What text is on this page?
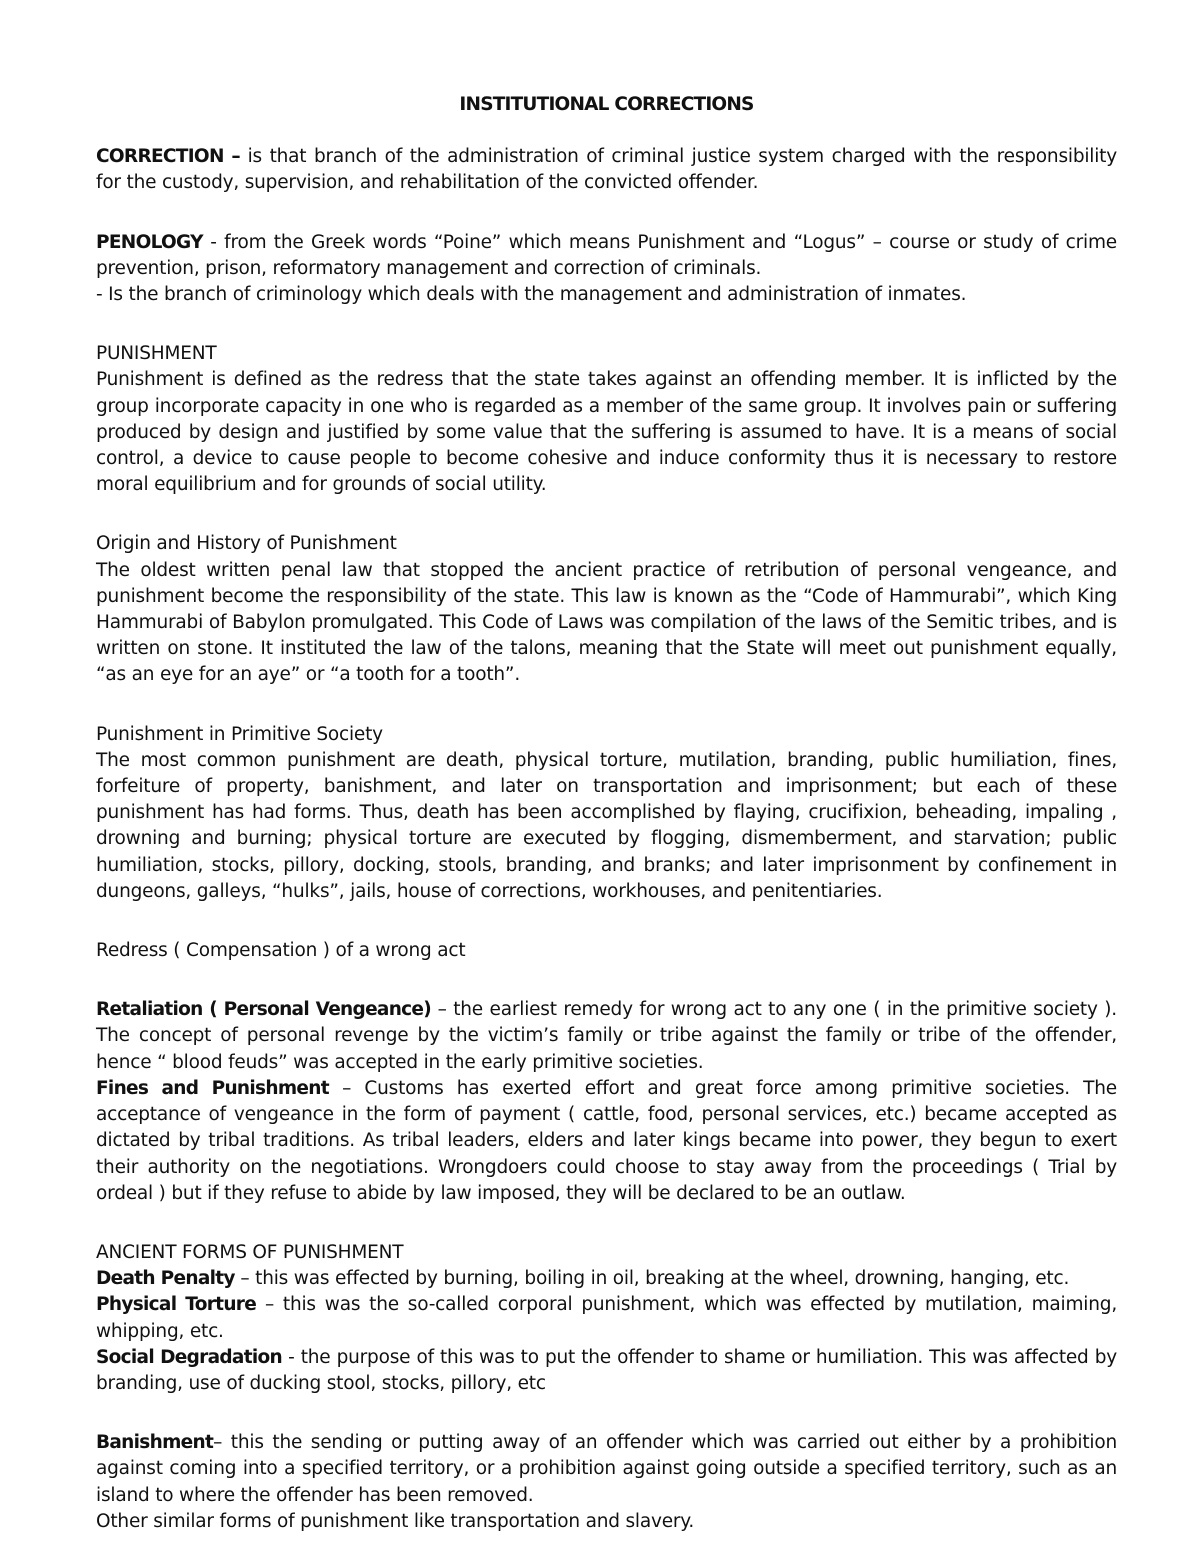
INSTITUTIONAL CORRECTIONS

CORRECTION – is that branch of the administration of criminal justice system charged with the responsibility for the custody, supervision, and rehabilitation of the convicted offender.

PENOLOGY - from the Greek words “Poine” which means Punishment and “Logus” – course or study of crime prevention, prison, reformatory management and correction of criminals.

- Is the branch of criminology which deals with the management and administration of inmates.

PUNISHMENT

Punishment is defined as the redress that the state takes against an offending member. It is inflicted by the group incorporate capacity in one who is regarded as a member of the same group. It involves pain or suffering produced by design and justified by some value that the suffering is assumed to have. It is a means of social control, a device to cause people to become cohesive and induce conformity thus it is necessary to restore moral equilibrium and for grounds of social utility.

Origin and History of Punishment

The oldest written penal law that stopped the ancient practice of retribution of personal vengeance, and punishment become the responsibility of the state. This law is known as the “Code of Hammurabi”, which King Hammurabi of Babylon promulgated. This Code of Laws was compilation of the laws of the Semitic tribes, and is written on stone. It instituted the law of the talons, meaning that the State will meet out punishment equally, “as an eye for an aye” or “a tooth for a tooth”.

Punishment in Primitive Society

The most common punishment are death, physical torture, mutilation, branding, public humiliation, fines, forfeiture of property, banishment, and later on transportation and imprisonment; but each of these punishment has had forms. Thus, death has been accomplished by flaying, crucifixion, beheading, impaling , drowning and burning; physical torture are executed by flogging, dismemberment, and starvation; public humiliation, stocks, pillory, docking, stools, branding, and branks; and later imprisonment by confinement in dungeons, galleys, “hulks”, jails, house of corrections, workhouses, and penitentiaries.

Redress ( Compensation ) of a wrong act

Retaliation ( Personal Vengeance) – the earliest remedy for wrong act to any one ( in the primitive society ). The concept of personal revenge by the victim’s family or tribe against the family or tribe of the offender, hence “ blood feuds” was accepted in the early primitive societies.

Fines and Punishment – Customs has exerted effort and great force among primitive societies. The acceptance of vengeance in the form of payment ( cattle, food, personal services, etc.) became accepted as dictated by tribal traditions. As tribal leaders, elders and later kings became into power, they begun to exert their authority on the negotiations. Wrongdoers could choose to stay away from the proceedings ( Trial by ordeal ) but if they refuse to abide by law imposed, they will be declared to be an outlaw.

ANCIENT FORMS OF PUNISHMENT

Death Penalty – this was effected by burning, boiling in oil, breaking at the wheel, drowning, hanging, etc.

Physical Torture – this was the so-called corporal punishment, which was effected by mutilation, maiming, whipping, etc.

Social Degradation - the purpose of this was to put the offender to shame or humiliation. This was affected by branding, use of ducking stool, stocks, pillory, etc

Banishment– this the sending or putting away of an offender which was carried out either by a prohibition against coming into a specified territory, or a prohibition against going outside a specified territory, such as an island to where the offender has been removed.

Other similar forms of punishment like transportation and slavery.
